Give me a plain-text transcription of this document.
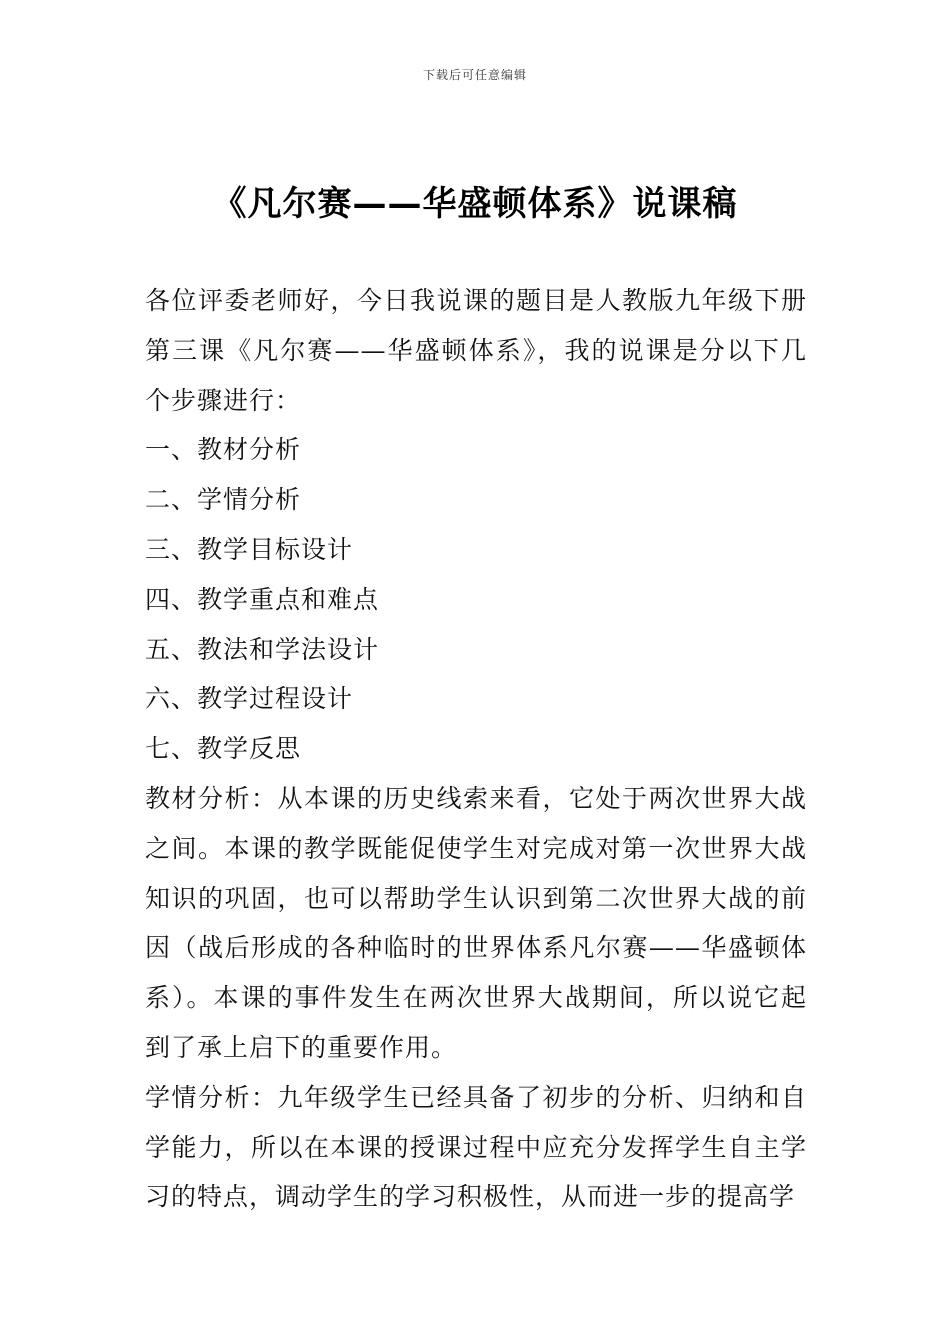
下载后可任意编辑
《凡尔赛——华盛顿体系》说课稿

各位评委老师好，今日我说课的题目是人教版九年级下册第三课《凡尔赛——华盛顿体系》，我的说课是分以下几个步骤进行：

一、教材分析

二、学情分析

三、教学目标设计

四、教学重点和难点

五、教法和学法设计

六、教学过程设计

七、教学反思

教材分析：从本课的历史线索来看，它处于两次世界大战之间。本课的教学既能促使学生对完成对第一次世界大战知识的巩固，也可以帮助学生认识到第二次世界大战的前因（战后形成的各种临时的世界体系凡尔赛——华盛顿体系）。本课的事件发生在两次世界大战期间，所以说它起到了承上启下的重要作用。

学情分析：九年级学生已经具备了初步的分析、归纳和自学能力，所以在本课的授课过程中应充分发挥学生自主学习的特点，调动学生的学习积极性，从而进一步的提高学
